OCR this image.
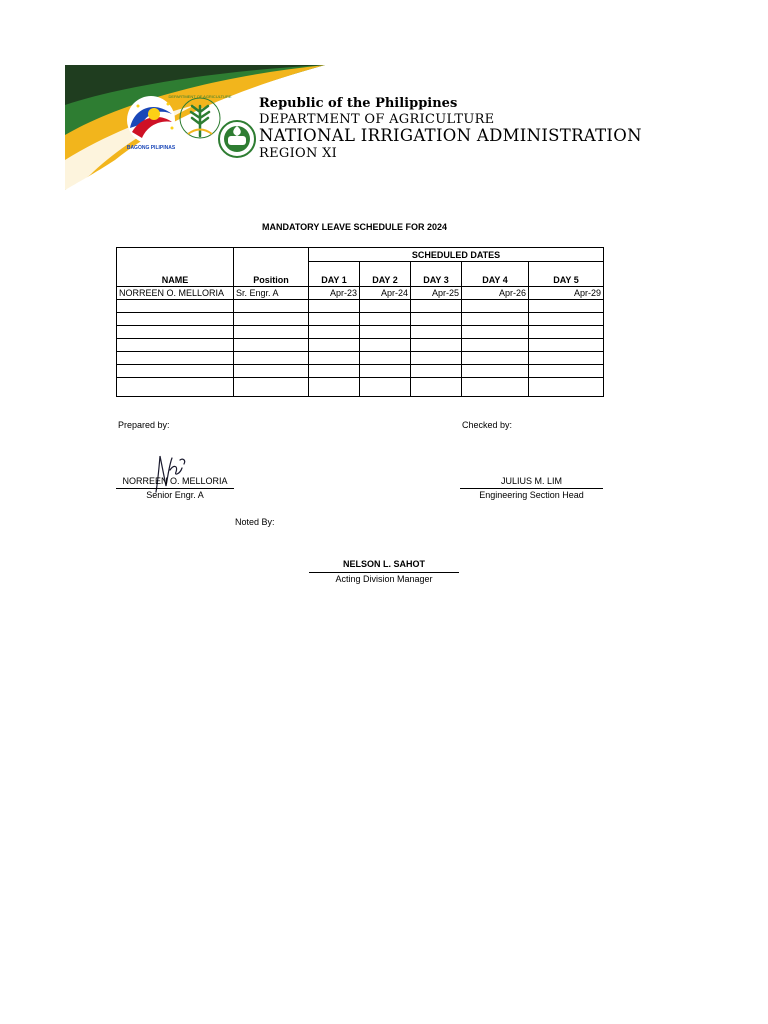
BAGONG PILIPINAS
DEPARTMENT OF AGRICULTURE Republic of the Philippines
DEPARTMENT OF AGRICULTURE
NATIONAL IRRIGATION ADMINISTRATION
REGION XI
MANDATORY LEAVE SCHEDULE FOR 2024
NAME	Position	SCHEDULED DATES				
		DAY 1	DAY 2	DAY 3	DAY 4	DAY 5
NORREEN O. MELLORIA	Sr. Engr. A	Apr-23	Apr-24	Apr-25	Apr-26	Apr-29

Prepared by:	Checked by:
NORREEN O. MELLORIA
Senior Engr. A
JULIUS M. LIM
Engineering Section Head
Noted By:
NELSON L. SAHOT
Acting Division Manager
